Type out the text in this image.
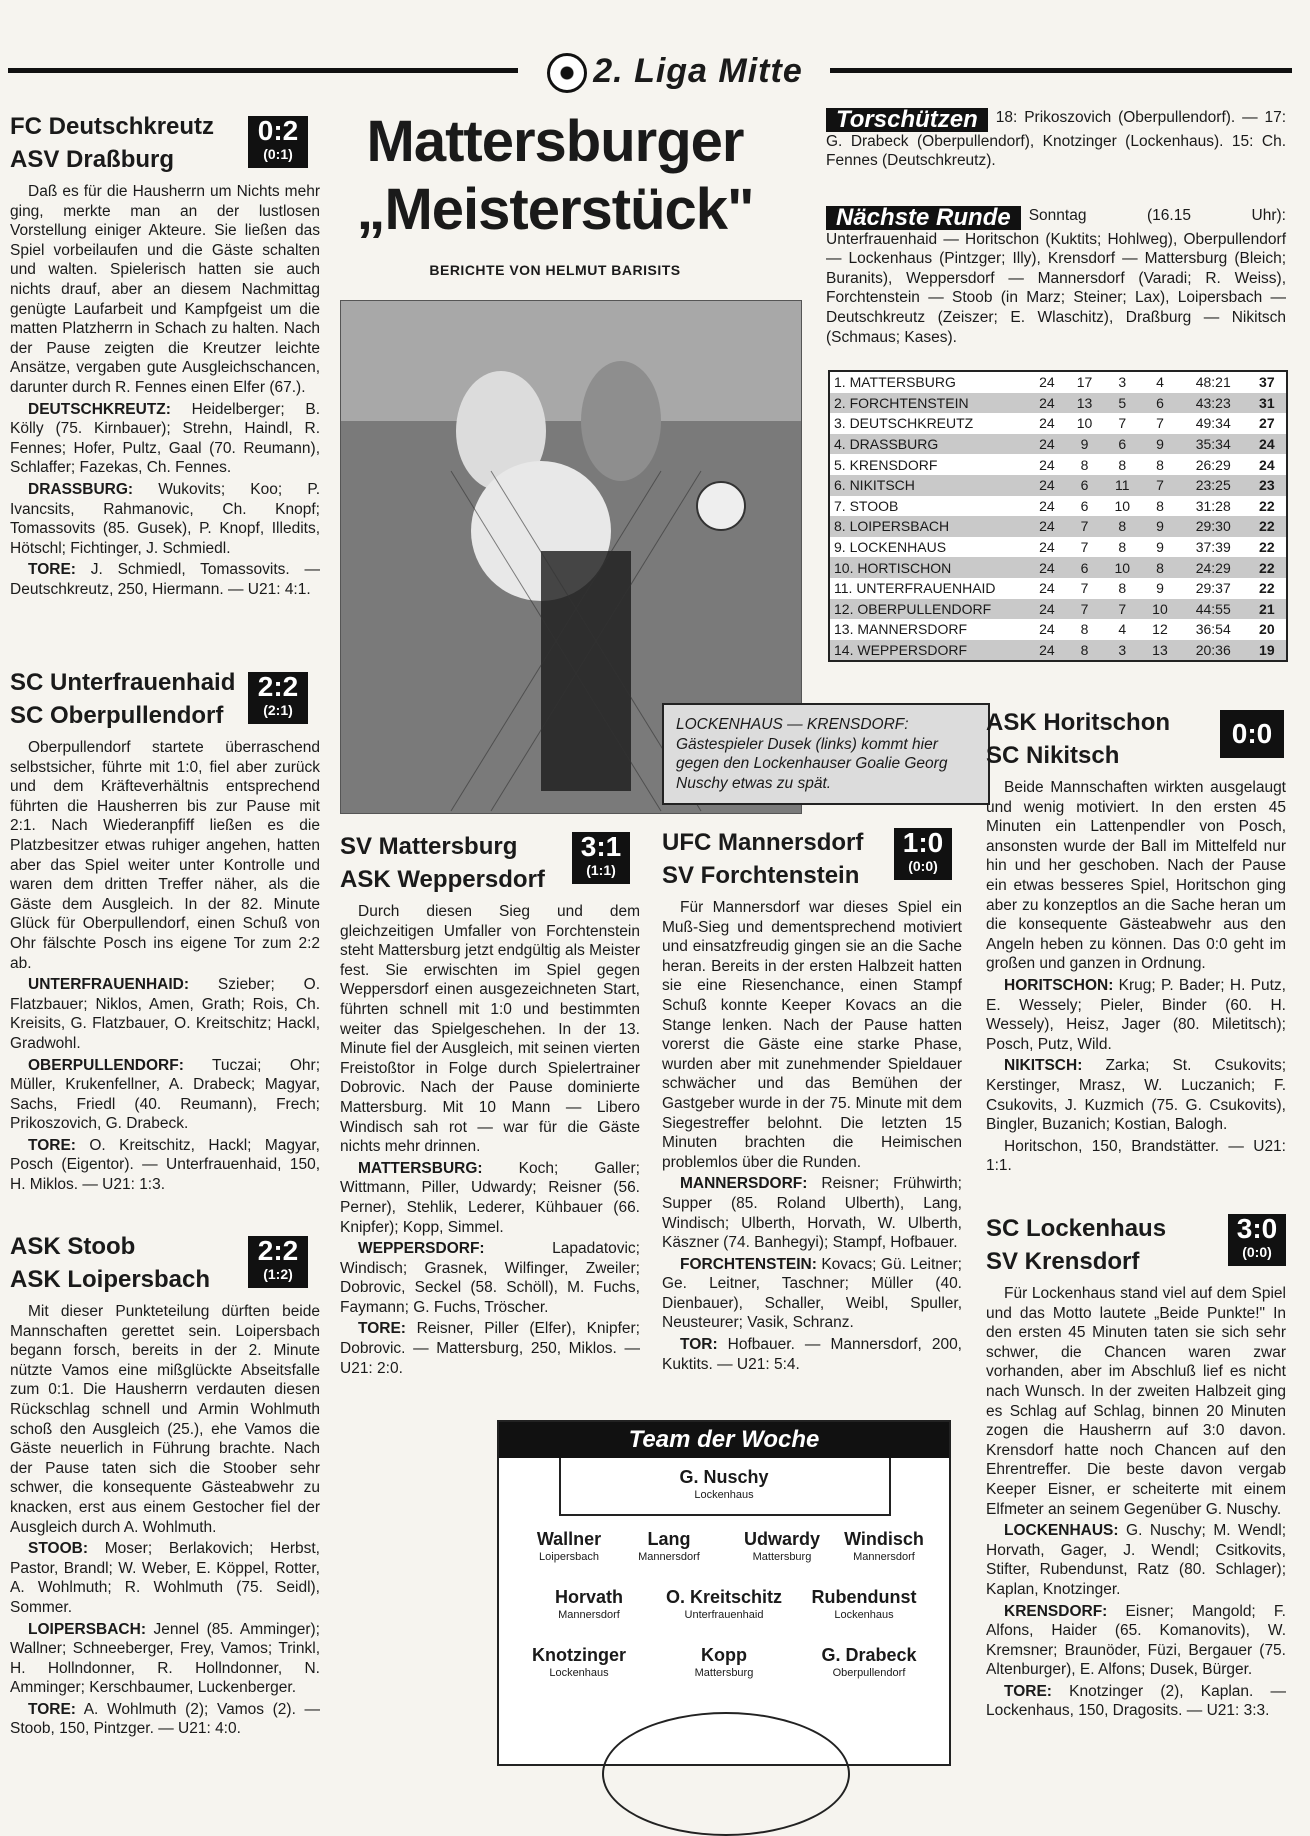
2. Liga Mitte
FC Deutschkreutz
ASV Draßburg

Daß es für die Hausherrn um Nichts mehr ging, merkte man an der lustlosen Vorstellung einiger Akteure. Sie ließen das Spiel vorbeilaufen und die Gäste schalten und walten. Spielerisch hatten sie auch nichts drauf, aber an diesem Nachmittag genügte Laufarbeit und Kampfgeist um die matten Platzherrn in Schach zu halten. Nach der Pause zeigten die Kreutzer leichte Ansätze, vergaben gute Ausgleichschancen, darunter durch R. Fennes einen Elfer (67.).

DEUTSCHKREUTZ: Heidelberger; B. Kölly (75. Kirnbauer); Strehn, Haindl, R. Fennes; Hofer, Pultz, Gaal (70. Reumann), Schlaffer; Fazekas, Ch. Fennes.

DRASSBURG: Wukovits; Koo; P. Ivancsits, Rahmanovic, Ch. Knopf; Tomassovits (85. Gusek), P. Knopf, Illedits, Hötschl; Fichtinger, J. Schmiedl.

TORE: J. Schmiedl, Tomassovits. — Deutschkreutz, 250, Hiermann. — U21: 4:1.

0:2
(0:1)
SC Unterfrauenhaid
SC Oberpullendorf

Oberpullendorf startete überraschend selbstsicher, führte mit 1:0, fiel aber zurück und dem Kräfteverhältnis entsprechend führten die Hausherren bis zur Pause mit 2:1. Nach Wiederanpfiff ließen es die Platzbesitzer etwas ruhiger angehen, hatten aber das Spiel weiter unter Kontrolle und waren dem dritten Treffer näher, als die Gäste dem Ausgleich. In der 82. Minute Glück für Oberpullendorf, einen Schuß von Ohr fälschte Posch ins eigene Tor zum 2:2 ab.

UNTERFRAUENHAID: Szieber; O. Flatzbauer; Niklos, Amen, Grath; Rois, Ch. Kreisits, G. Flatzbauer, O. Kreitschitz; Hackl, Gradwohl.

OBERPULLENDORF: Tuczai; Ohr; Müller, Krukenfellner, A. Drabeck; Magyar, Sachs, Friedl (40. Reumann), Frech; Prikoszovich, G. Drabeck.

TORE: O. Kreitschitz, Hackl; Magyar, Posch (Eigentor). — Unterfrauenhaid, 150, H. Miklos. — U21: 1:3.

2:2
(2:1)
ASK Stoob
ASK Loipersbach

Mit dieser Punkteteilung dürften beide Mannschaften gerettet sein. Loipersbach begann forsch, bereits in der 2. Minute nützte Vamos eine mißglückte Abseitsfalle zum 0:1. Die Hausherrn verdauten diesen Rückschlag schnell und Armin Wohlmuth schoß den Ausgleich (25.), ehe Vamos die Gäste neuerlich in Führung brachte. Nach der Pause taten sich die Stoober sehr schwer, die konsequente Gästeabwehr zu knacken, erst aus einem Gestocher fiel der Ausgleich durch A. Wohlmuth.

STOOB: Moser; Berlakovich; Herbst, Pastor, Brandl; W. Weber, E. Köppel, Rotter, A. Wohlmuth; R. Wohlmuth (75. Seidl), Sommer.

LOIPERSBACH: Jennel (85. Amminger); Wallner; Schneeberger, Frey, Vamos; Trinkl, H. Hollndonner, R. Hollndonner, N. Amminger; Kerschbaumer, Luckenberger.

TORE: A. Wohlmuth (2); Vamos (2). — Stoob, 150, Pintzger. — U21: 4:0.

2:2
(1:2)
Mattersburger
„Meisterstück"
BERICHTE VON HELMUT BARISITS
LOCKENHAUS — KRENSDORF: Gästespieler Dusek (links) kommt hier gegen den Lockenhauser Goalie Georg Nuschy etwas zu spät.
SV Mattersburg
ASK Weppersdorf

Durch diesen Sieg und dem gleichzeitigen Umfaller von Forchtenstein steht Mattersburg jetzt endgültig als Meister fest. Sie erwischten im Spiel gegen Weppersdorf einen ausgezeichneten Start, führten schnell mit 1:0 und bestimmten weiter das Spielgeschehen. In der 13. Minute fiel der Ausgleich, mit seinen vierten Freistoßtor in Folge durch Spielertrainer Dobrovic. Nach der Pause dominierte Mattersburg. Mit 10 Mann — Libero Windisch sah rot — war für die Gäste nichts mehr drinnen.

MATTERSBURG: Koch; Galler; Wittmann, Piller, Udwardy; Reisner (56. Perner), Stehlik, Lederer, Kühbauer (66. Knipfer); Kopp, Simmel.

WEPPERSDORF:	Lapadatovic; Windisch; Grasnek, Wilfinger, Zweiler; Dobrovic, Seckel (58. Schöll), M. Fuchs, Faymann; G. Fuchs, Tröscher.

TORE: Reisner, Piller (Elfer), Knipfer; Dobrovic. — Mattersburg, 250, Miklos. — U21: 2:0.

3:1
(1:1)
UFC Mannersdorf
SV Forchtenstein

Für Mannersdorf war dieses Spiel ein Muß-Sieg und dementsprechend motiviert und einsatzfreudig gingen sie an die Sache heran. Bereits in der ersten Halbzeit hatten sie eine Riesenchance, einen Stampf Schuß konnte Keeper Kovacs an die Stange lenken. Nach der Pause hatten vorerst die Gäste eine starke Phase, wurden aber mit zunehmender Spieldauer schwächer und das Bemühen der Gastgeber wurde in der 75. Minute mit dem Siegestreffer belohnt. Die letzten 15 Minuten brachten die Heimischen problemlos über die Runden.

MANNERSDORF: Reisner; Frühwirth; Supper (85. Roland Ulberth), Lang, Windisch; Ulberth, Horvath, W. Ulberth, Käszner (74. Banhegyi); Stampf, Hofbauer.

FORCHTENSTEIN: Kovacs; Gü. Leitner; Ge. Leitner, Taschner; Müller (40. Dienbauer), Schaller, Weibl, Spuller, Neusteurer; Vasik, Schranz.

TOR: Hofbauer. — Mannersdorf, 200, Kuktits. — U21: 5:4.

1:0
(0:0)
Team der Woche
G. Nuschy
Lockenhaus
Wallner
Loipersbach
Lang
Mannersdorf
Udwardy
Mattersburg
Windisch
Mannersdorf
Horvath
Mannersdorf
O. Kreitschitz
Unterfrauenhaid
Rubendunst
Lockenhaus
Knotzinger
Lockenhaus
Kopp
Mattersburg
G. Drabeck
Oberpullendorf

Torschützen 18: Prikoszovich (Oberpullendorf). — 17: G. Drabeck (Oberpullendorf), Knotzinger (Lockenhaus). 15: Ch. Fennes (Deutschkreutz).

Nächste Runde Sonntag (16.15 Uhr): Unterfrauenhaid — Horitschon (Kuktits; Hohlweg), Oberpullendorf — Lockenhaus (Pintzger; Illy), Krensdorf — Mattersburg (Bleich; Buranits), Weppersdorf — Mannersdorf (Varadi; R. Weiss), Forchtenstein — Stoob (in Marz; Steiner; Lax), Loipersbach — Deutschkreutz (Zeiszer; E. Wlaschitz), Draßburg — Nikitsch (Schmaus; Kases).

1. MATTERSBURG	24	17	3	4	48:21	37
2. FORCHTENSTEIN	24	13	5	6	43:23	31
3. DEUTSCHKREUTZ	24	10	7	7	49:34	27
4. DRASSBURG	24	9	6	9	35:34	24
5. KRENSDORF	24	8	8	8	26:29	24
6. NIKITSCH	24	6	11	7	23:25	23
7. STOOB	24	6	10	8	31:28	22
8. LOIPERSBACH	24	7	8	9	29:30	22
9. LOCKENHAUS	24	7	8	9	37:39	22
10. HORTISCHON	24	6	10	8	24:29	22
11. UNTERFRAUENHAID	24	7	8	9	29:37	22
12. OBERPULLENDORF	24	7	7	10	44:55	21
13. MANNERSDORF	24	8	4	12	36:54	20
14. WEPPERSDORF	24	8	3	13	20:36	19
ASK Horitschon
SC Nikitsch

Beide Mannschaften wirkten ausgelaugt und wenig motiviert. In den ersten 45 Minuten ein Lattenpendler von Posch, ansonsten wurde der Ball im Mittelfeld nur hin und her geschoben. Nach der Pause ein etwas besseres Spiel, Horitschon ging aber zu konzeptlos an die Sache heran um die konsequente Gästeabwehr aus den Angeln heben zu können. Das 0:0 geht im großen und ganzen in Ordnung.

HORITSCHON: Krug; P. Bader; H. Putz, E. Wessely; Pieler, Binder (60. H. Wessely), Heisz, Jager (80. Miletitsch); Posch, Putz, Wild.

NIKITSCH: Zarka; St. Csukovits; Kerstinger, Mrasz, W. Luczanich; F. Csukovits, J. Kuzmich (75. G. Csukovits), Bingler, Buzanich; Kostian, Balogh.

Horitschon, 150, Brandstätter. — U21: 1:1.

0:0
SC Lockenhaus
SV Krensdorf

Für Lockenhaus stand viel auf dem Spiel und das Motto lautete „Beide Punkte!" In den ersten 45 Minuten taten sie sich sehr schwer, die Chancen waren zwar vorhanden, aber im Abschluß lief es nicht nach Wunsch. In der zweiten Halbzeit ging es Schlag auf Schlag, binnen 20 Minuten zogen die Hausherrn auf 3:0 davon. Krensdorf hatte noch Chancen auf den Ehrentreffer. Die beste davon vergab Keeper Eisner, er scheiterte mit einem Elfmeter an seinem Gegenüber G. Nuschy.

LOCKENHAUS: G. Nuschy; M. Wendl; Horvath, Gager, J. Wendl; Csitkovits, Stifter, Rubendunst, Ratz (80. Schlager); Kaplan, Knotzinger.

KRENSDORF: Eisner; Mangold; F. Alfons, Haider (65. Komanovits), W. Kremsner; Braunöder, Füzi, Bergauer (75. Altenburger), E. Alfons; Dusek, Bürger.

TORE: Knotzinger (2), Kaplan. — Lockenhaus, 150, Dragosits. — U21: 3:3.

3:0
(0:0)
